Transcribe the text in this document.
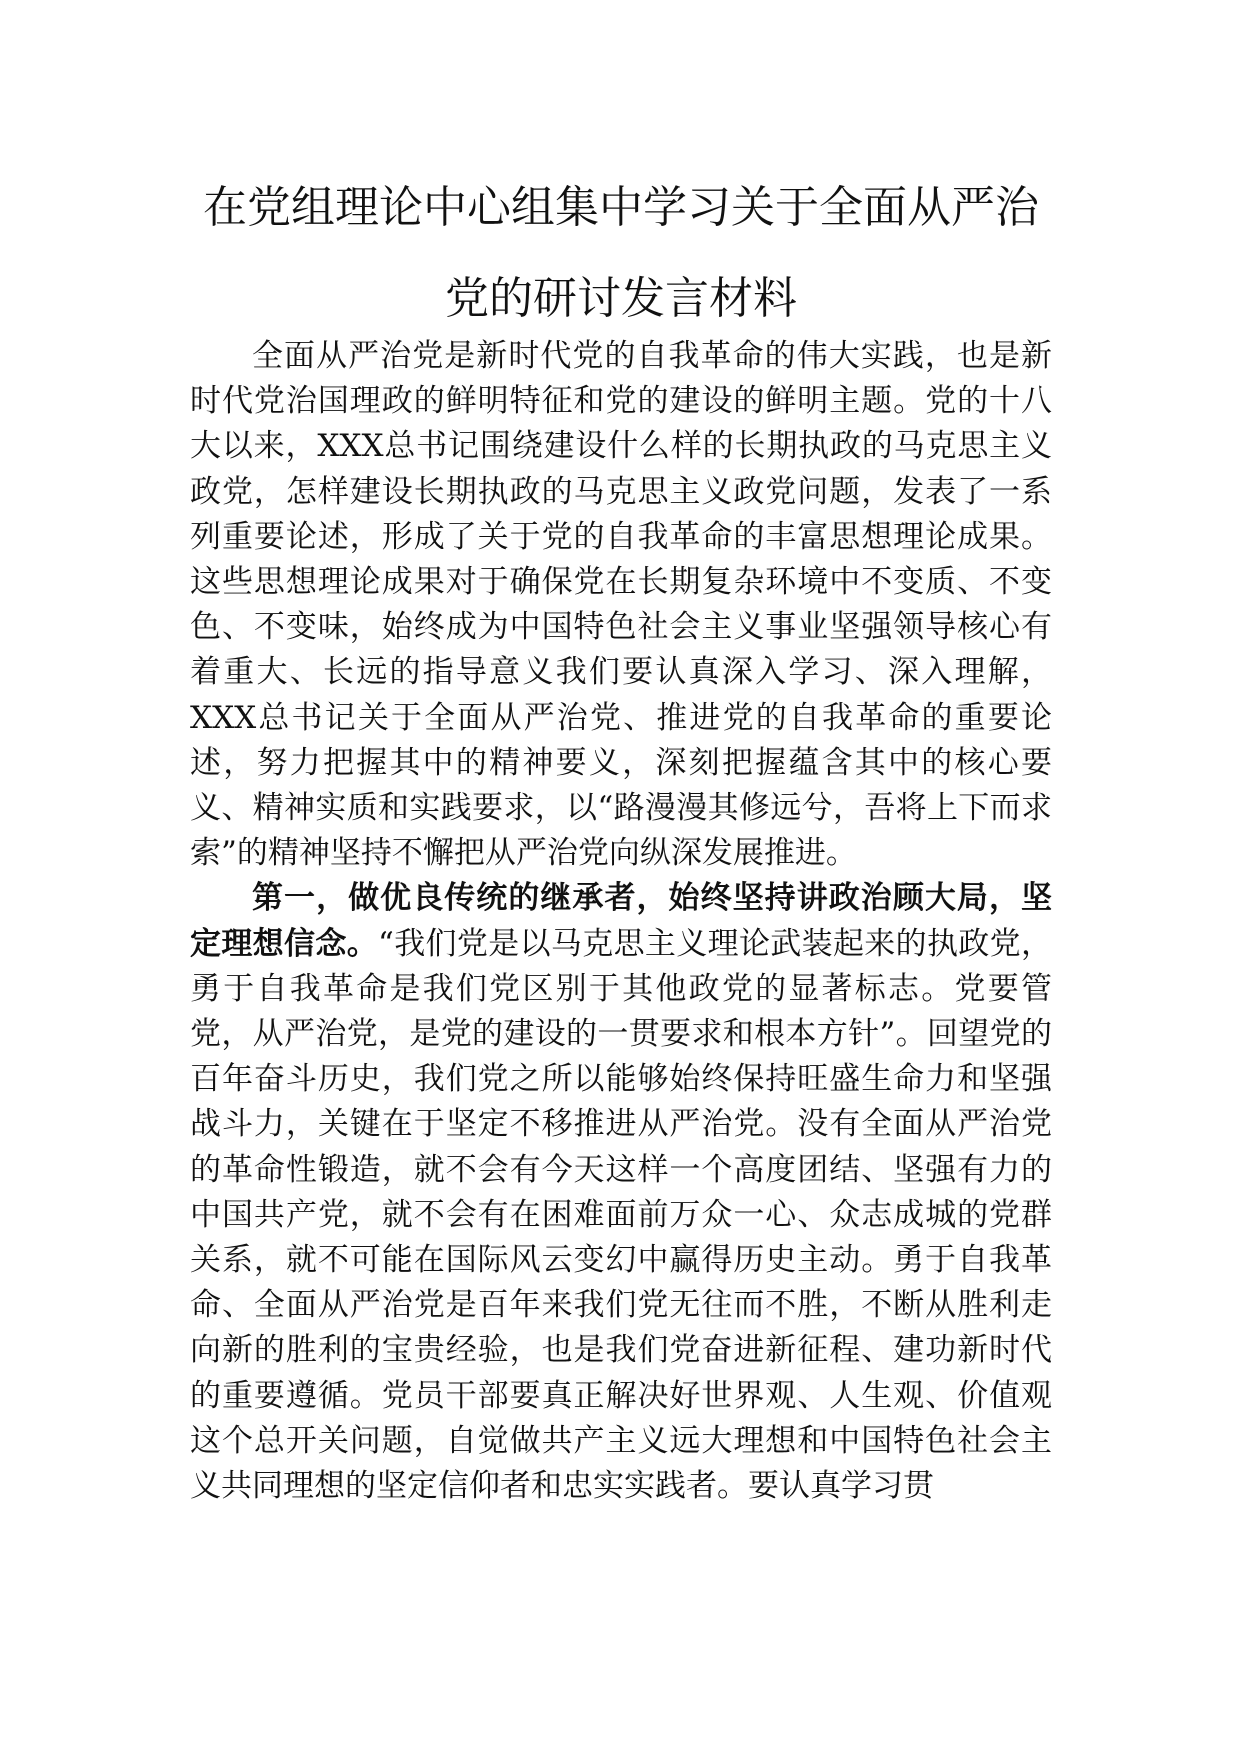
在党组理论中心组集中学习关于全面从严治党的研讨发言材料

全面从严治党是新时代党的自我革命的伟大实践，也是新时代党治国理政的鲜明特征和党的建设的鲜明主题。党的十八大以来，XXX总书记围绕建设什么样的长期执政的马克思主义政党，怎样建设长期执政的马克思主义政党问题，发表了一系列重要论述，形成了关于党的自我革命的丰富思想理论成果。这些思想理论成果对于确保党在长期复杂环境中不变质、不变色、不变味，始终成为中国特色社会主义事业坚强领导核心有着重大、长远的指导意义我们要认真深入学习、深入理解，XXX总书记关于全面从严治党、推进党的自我革命的重要论述，努力把握其中的精神要义，深刻把握蕴含其中的核心要义、精神实质和实践要求，以“路漫漫其修远兮，吾将上下而求索”的精神坚持不懈把从严治党向纵深发展推进。

第一，做优良传统的继承者，始终坚持讲政治顾大局，坚定理想信念。“我们党是以马克思主义理论武装起来的执政党，勇于自我革命是我们党区别于其他政党的显著标志。党要管党，从严治党，是党的建设的一贯要求和根本方针”。回望党的百年奋斗历史，我们党之所以能够始终保持旺盛生命力和坚强战斗力，关键在于坚定不移推进从严治党。没有全面从严治党的革命性锻造，就不会有今天这样一个高度团结、坚强有力的中国共产党，就不会有在困难面前万众一心、众志成城的党群关系，就不可能在国际风云变幻中赢得历史主动。勇于自我革命、全面从严治党是百年来我们党无往而不胜，不断从胜利走向新的胜利的宝贵经验，也是我们党奋进新征程、建功新时代的重要遵循。党员干部要真正解决好世界观、人生观、价值观这个总开关问题，自觉做共产主义远大理想和中国特色社会主义共同理想的坚定信仰者和忠实实践者。要认真学习贯
